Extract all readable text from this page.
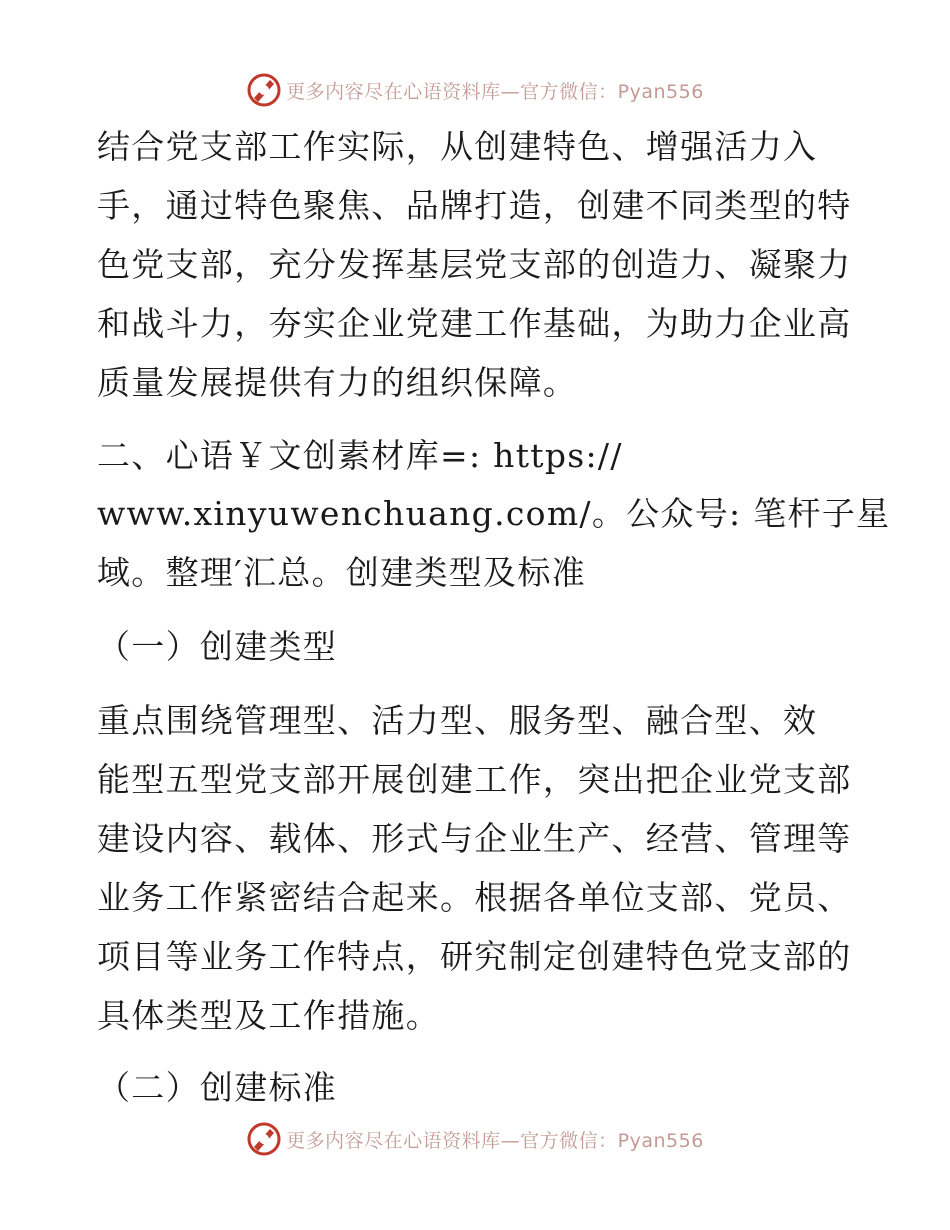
更多内容尽在心语资料库—官方微信：Pyan556
结合党支部工作实际，从创建特色、增强活力入
手，通过特色聚焦、品牌打造，创建不同类型的特
色党支部，充分发挥基层党支部的创造力、凝聚力
和战斗力，夯实企业党建工作基础，为助力企业高
质量发展提供有力的组织保障。
二、心语￥文创素材库=: https://
www.xinyuwenchuang.com/。公众号: 笔杆子星
域。整理′汇总。创建类型及标准
（一）创建类型
重点围绕管理型、活力型、服务型、融合型、效
能型五型党支部开展创建工作，突出把企业党支部
建设内容、载体、形式与企业生产、经营、管理等
业务工作紧密结合起来。根据各单位支部、党员、
项目等业务工作特点，研究制定创建特色党支部的
具体类型及工作措施。
（二）创建标准
更多内容尽在心语资料库—官方微信：Pyan556
